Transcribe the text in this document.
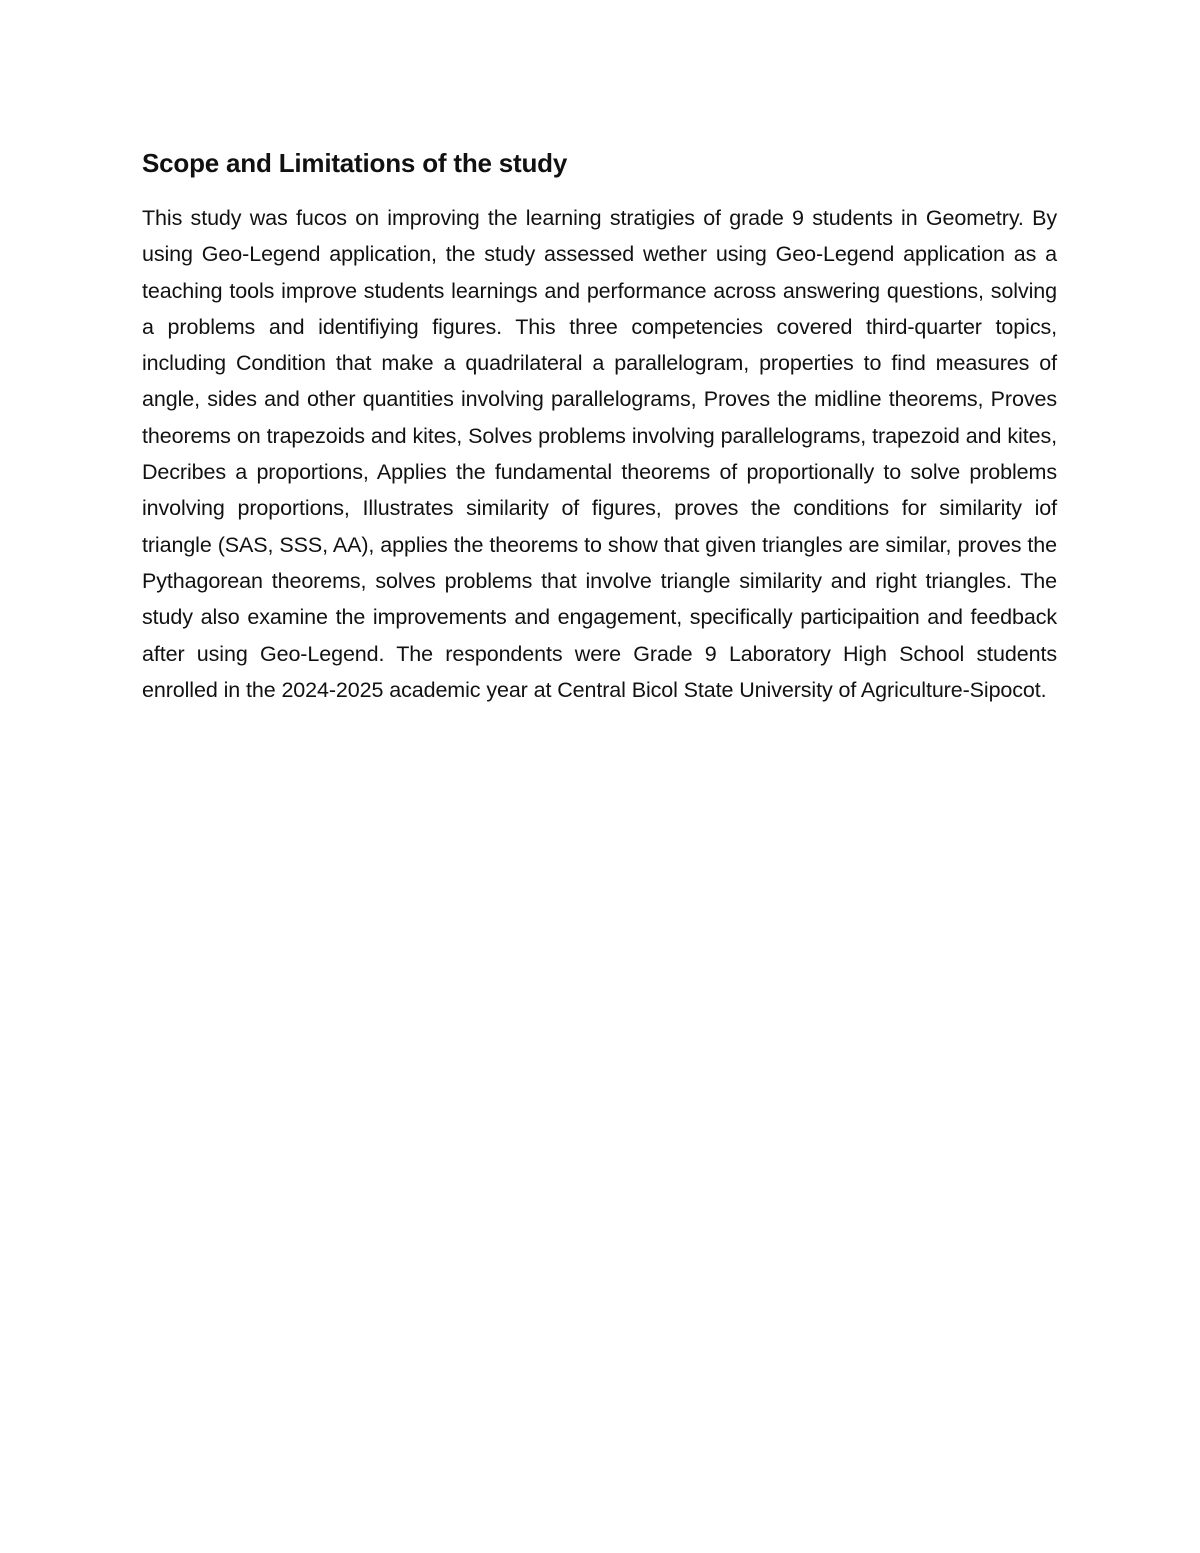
Scope and Limitations of the study

This study was fucos on improving the learning stratigies of grade 9 students in Geometry. By using Geo-Legend application, the study assessed wether using Geo-Legend application as a teaching tools improve students learnings and performance across answering questions, solving a problems and identifiying figures. This three competencies covered third-quarter topics, including Condition that make a quadrilateral a parallelogram, properties to find measures of angle, sides and other quantities involving parallelograms, Proves the midline theorems, Proves theorems on trapezoids and kites, Solves problems involving parallelograms, trapezoid and kites, Decribes a proportions, Applies the fundamental theorems of proportionally to solve problems involving proportions, Illustrates similarity of figures, proves the conditions for similarity iof triangle (SAS, SSS, AA), applies the theorems to show that given triangles are similar, proves the Pythagorean theorems, solves problems that involve triangle similarity and right triangles. The study also examine the improvements and engagement, specifically participaition and feedback after using Geo-Legend. The respondents were Grade 9 Laboratory High School students enrolled in the 2024-2025 academic year at Central Bicol State University of Agriculture-Sipocot.
